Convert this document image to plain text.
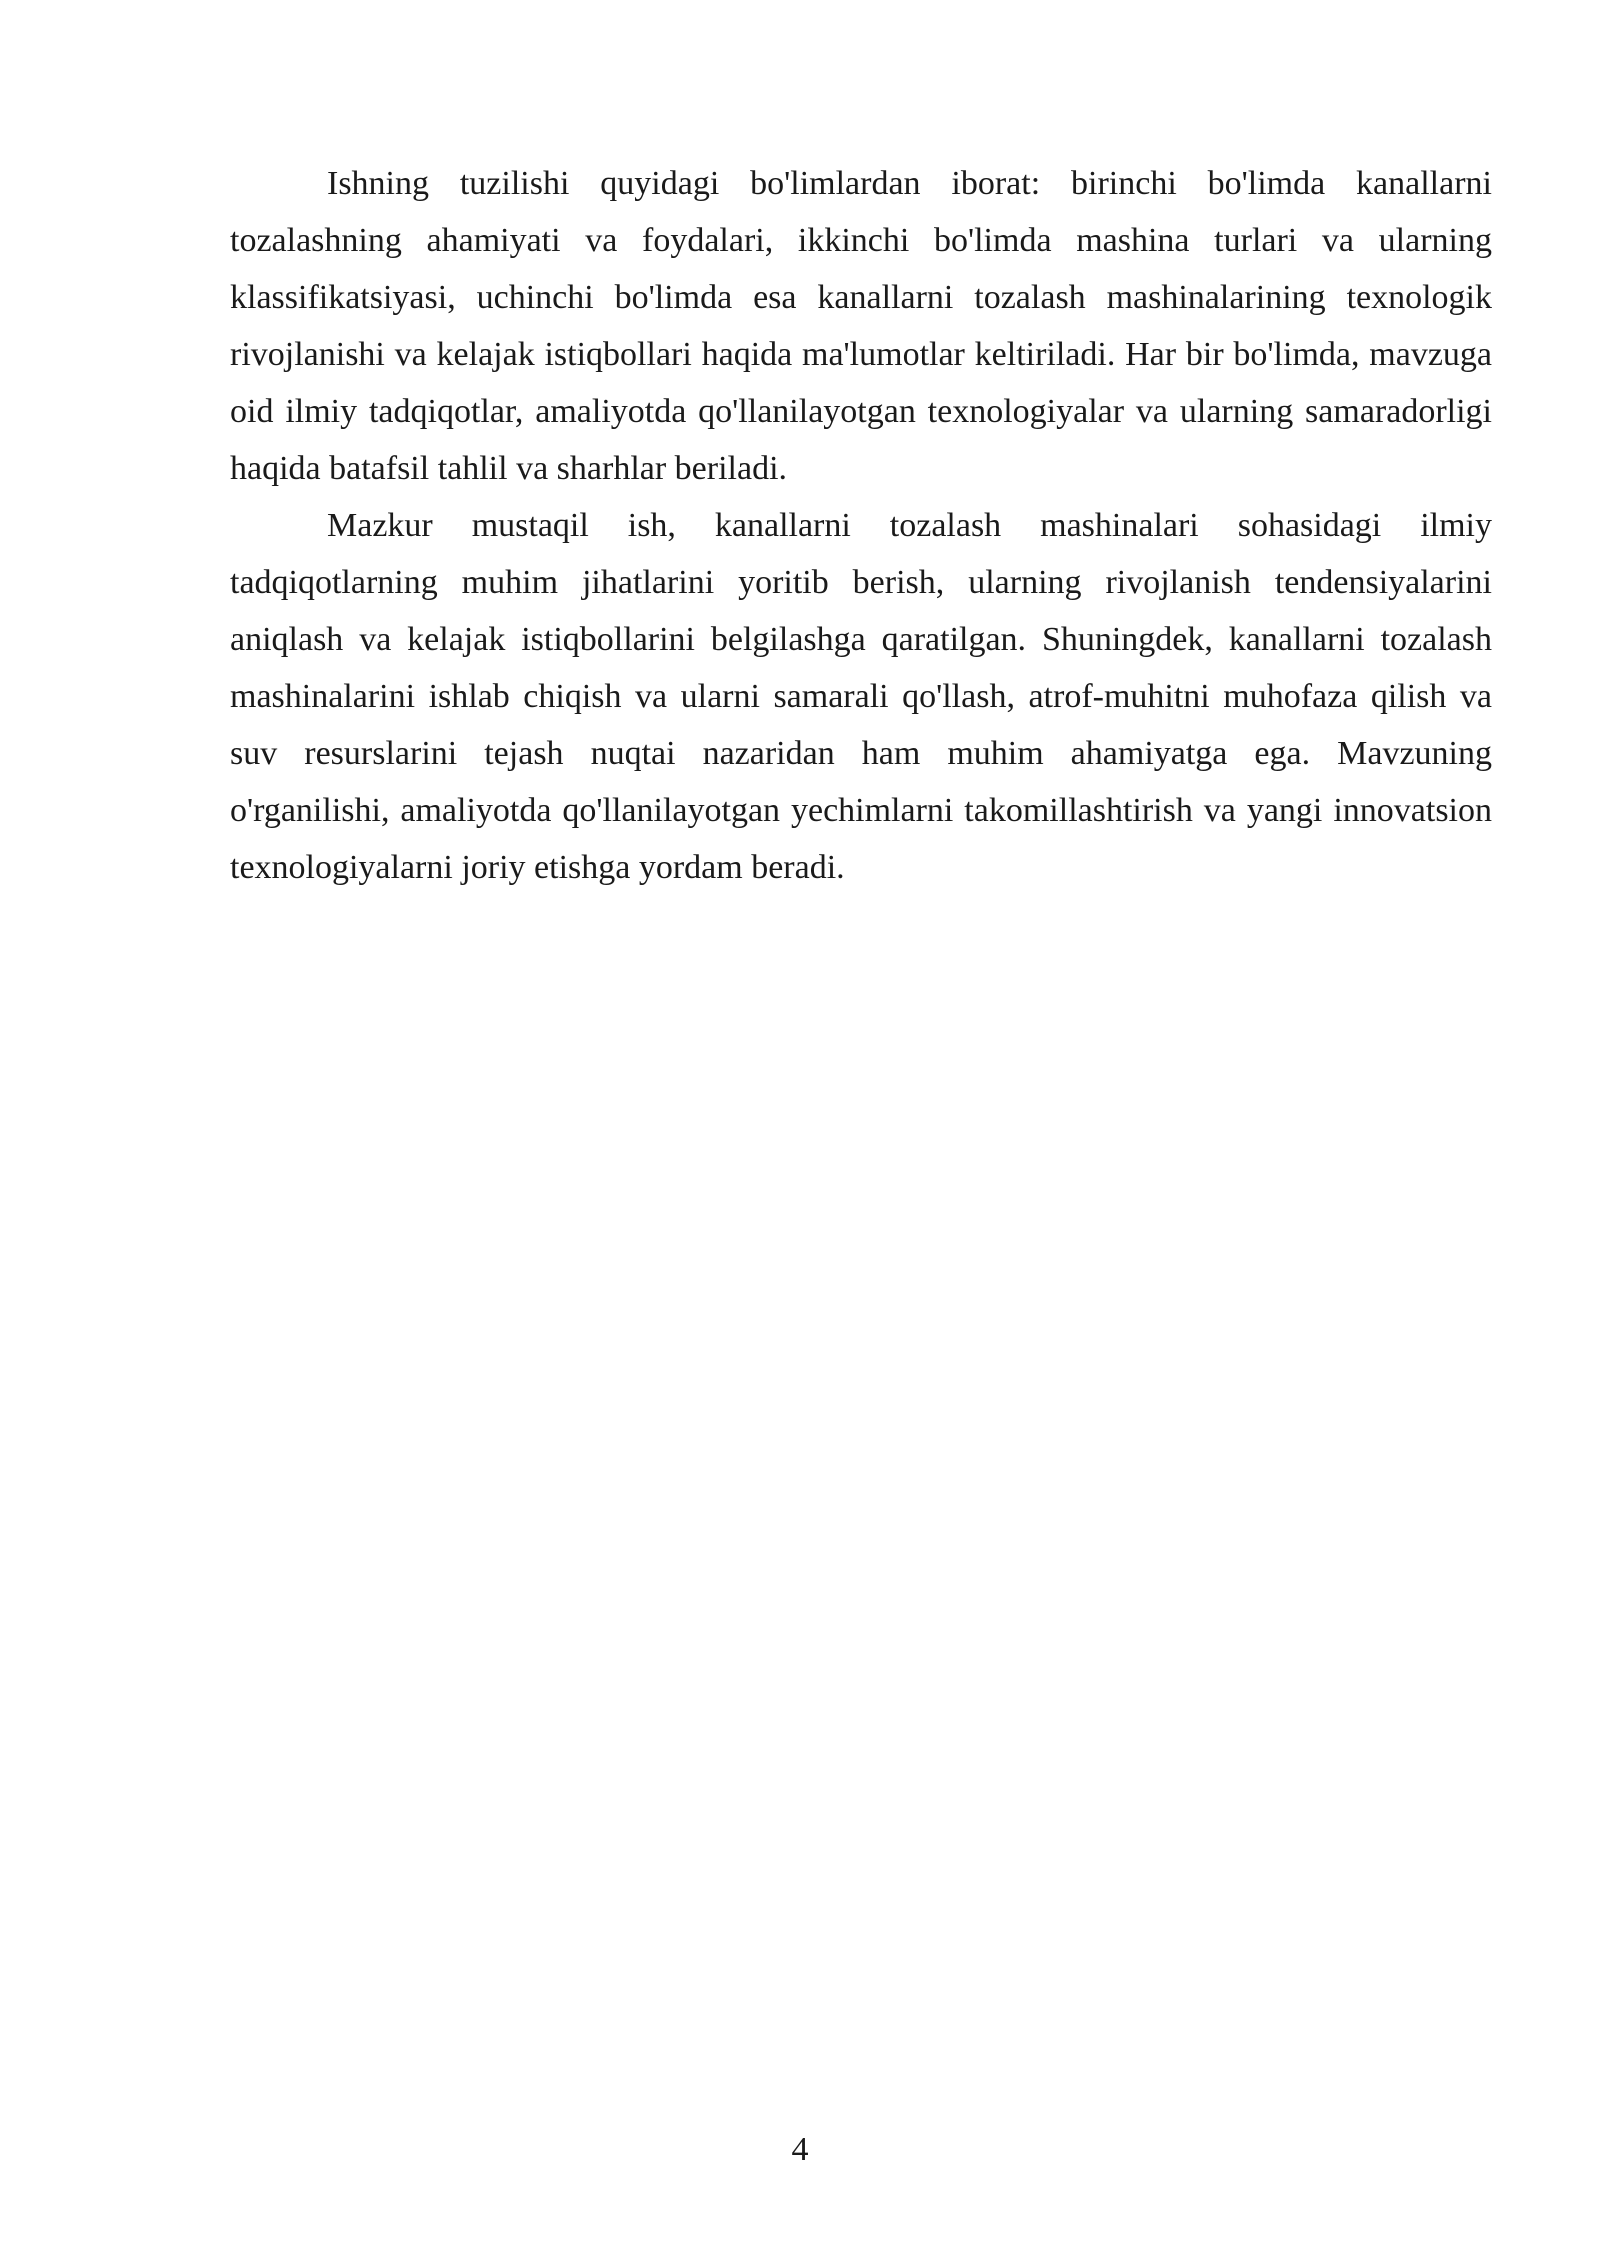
Ishning tuzilishi quyidagi bo'limlardan iborat: birinchi bo'limda kanallarni tozalashning ahamiyati va foydalari, ikkinchi bo'limda mashina turlari va ularning klassifikatsiyasi, uchinchi bo'limda esa kanallarni tozalash mashinalarining texnologik rivojlanishi va kelajak istiqbollari haqida ma'lumotlar keltiriladi. Har bir bo'limda, mavzuga oid ilmiy tadqiqotlar, amaliyotda qo'llanilayotgan texnologiyalar va ularning samaradorligi haqida batafsil tahlil va sharhlar beriladi.

Mazkur mustaqil ish, kanallarni tozalash mashinalari sohasidagi ilmiy tadqiqotlarning muhim jihatlarini yoritib berish, ularning rivojlanish tendensiyalarini aniqlash va kelajak istiqbollarini belgilashga qaratilgan. Shuningdek, kanallarni tozalash mashinalarini ishlab chiqish va ularni samarali qo'llash, atrof-muhitni muhofaza qilish va suv resurslarini tejash nuqtai nazaridan ham muhim ahamiyatga ega. Mavzuning o'rganilishi, amaliyotda qo'llanilayotgan yechimlarni takomillashtirish va yangi innovatsion texnologiyalarni joriy etishga yordam beradi.

4
